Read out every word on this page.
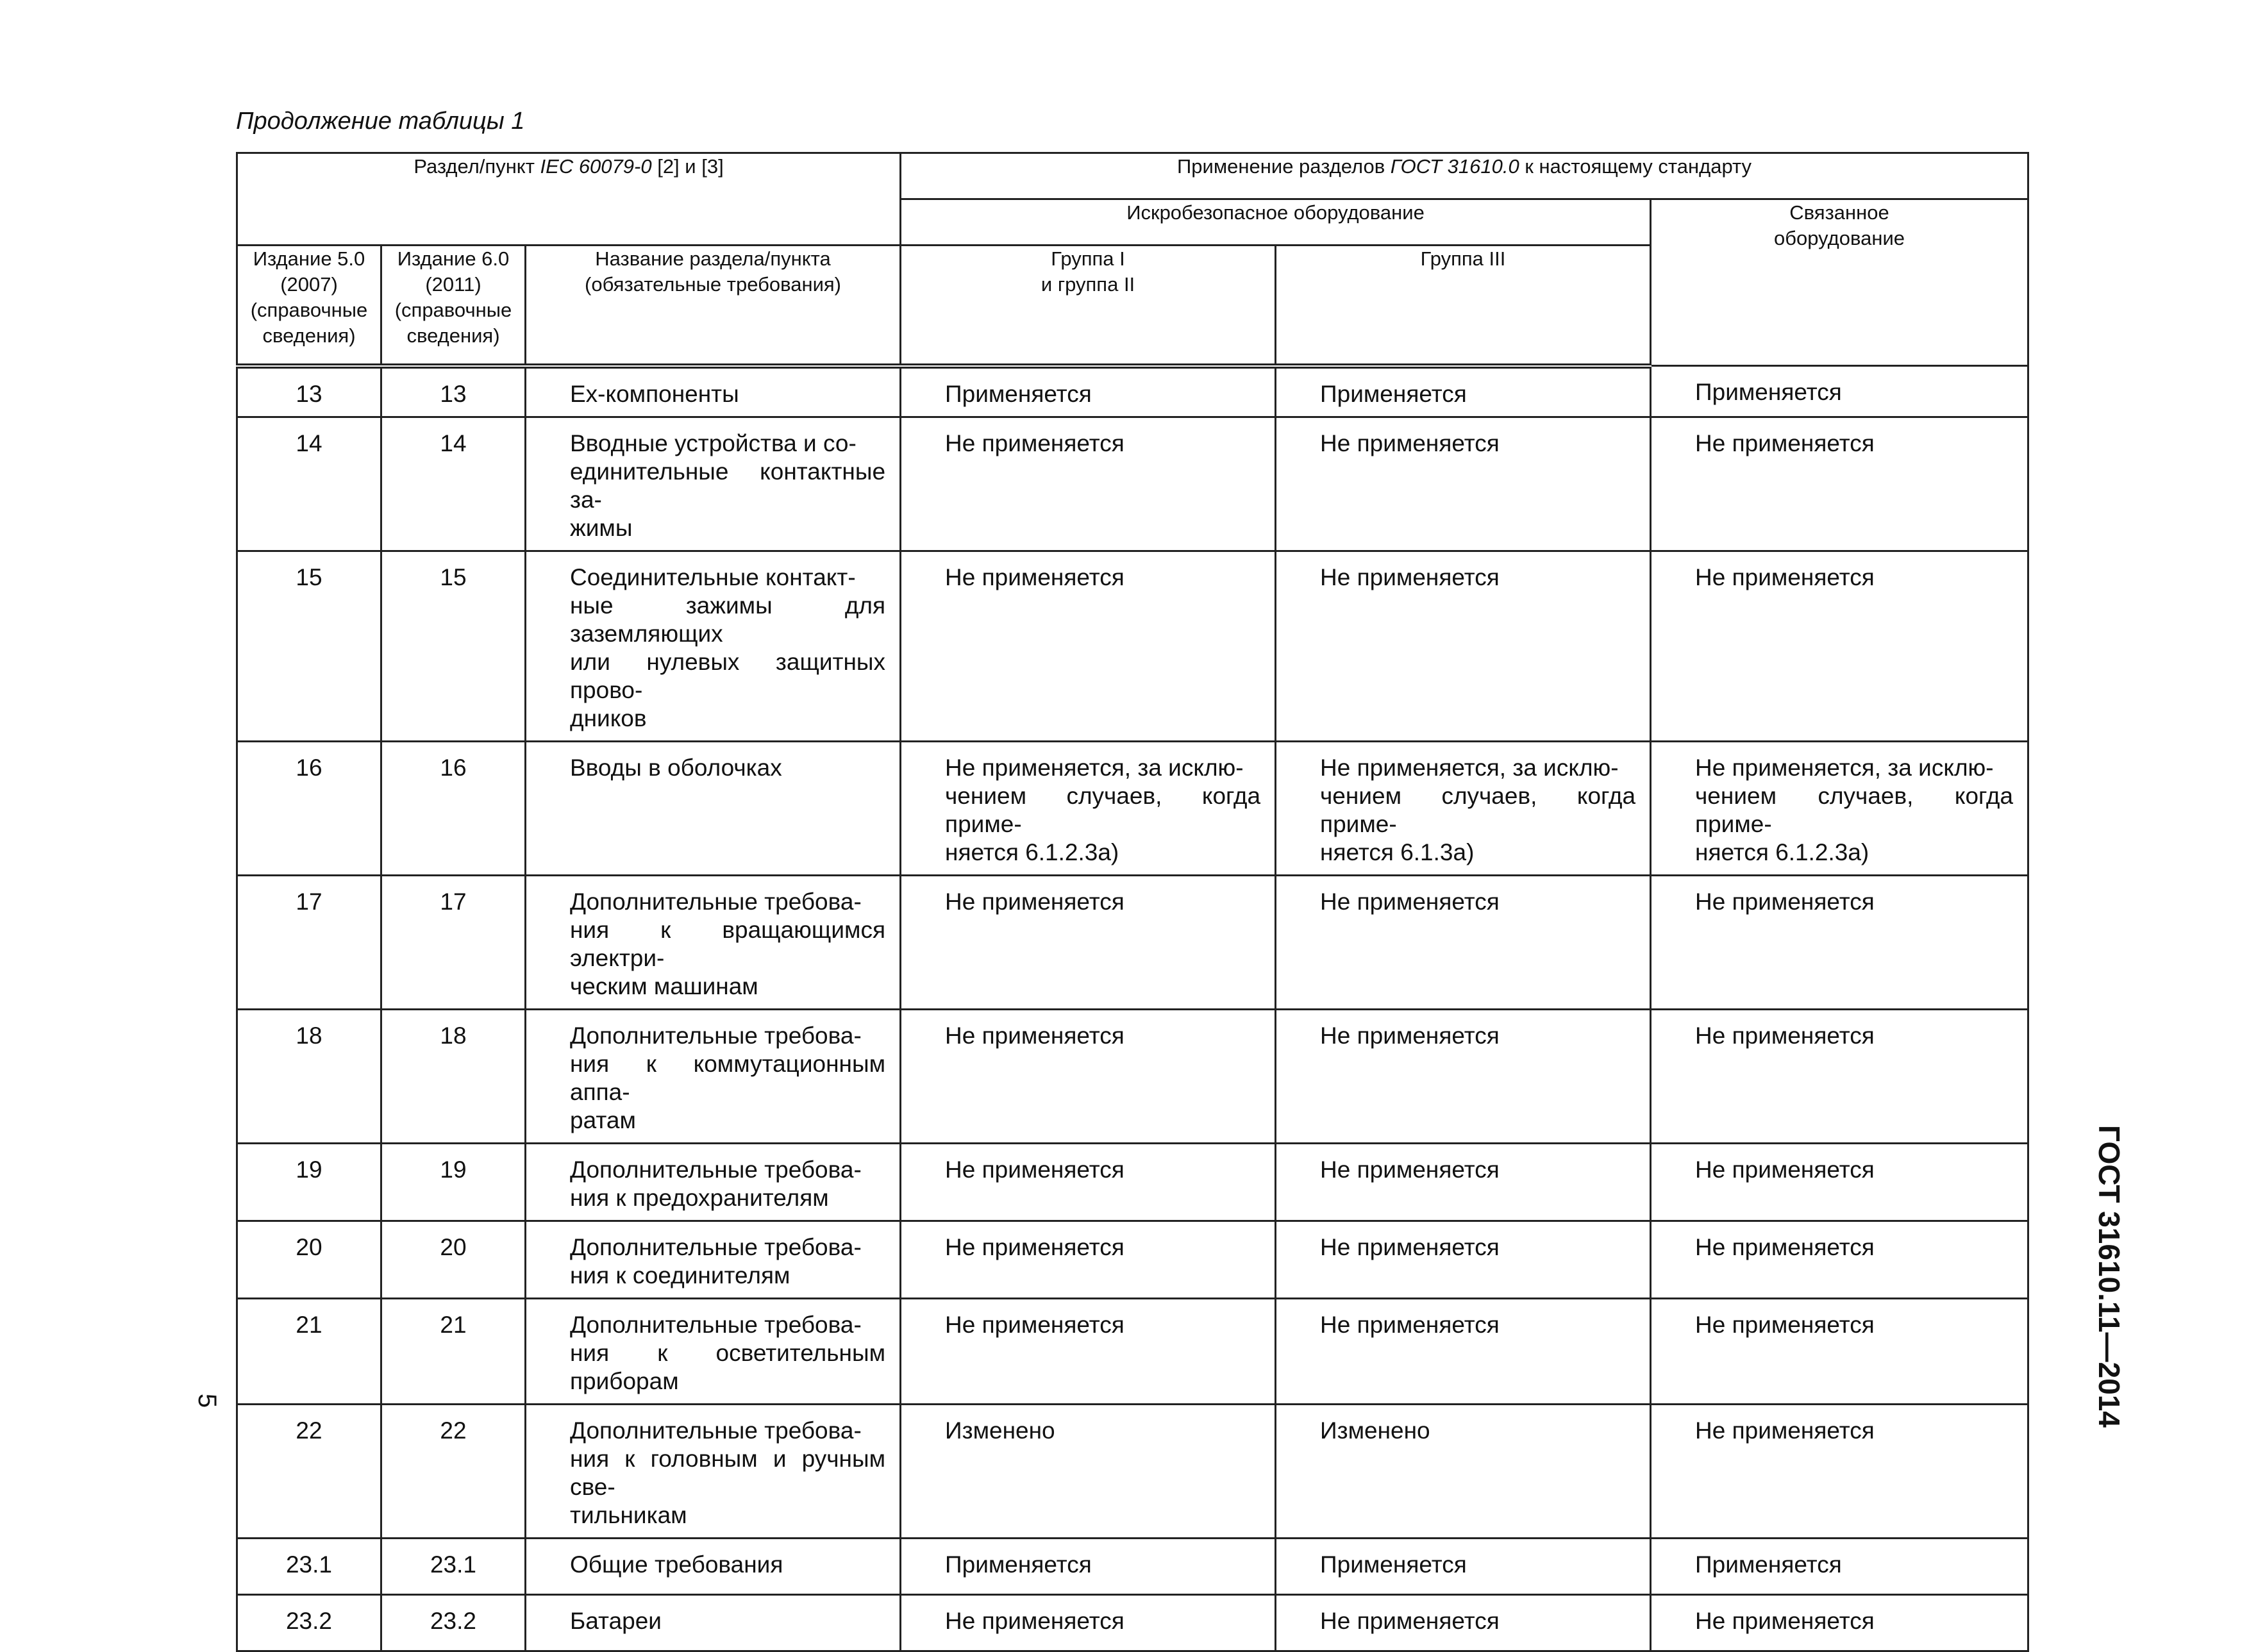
Продолжение таблицы 1
Раздел/пункт IEC 60079-0 [2] и [3]			Применение разделов ГОСТ 31610.0 к настоящему стандарту		
			Искробезопасное оборудование		Связанное
оборудование
Издание 5.0
(2007)
(справочные
сведения)	Издание 6.0
(2011)
(справочные
сведения)	Название раздела/пункта
(обязательные требования)	Группа I
и группа II	Группа III	
13	13	Ex-компоненты	Применяется	Применяется	Применяется
14	14	Вводные устройства и со-
единительные контактные за-
жимы	Не применяется	Не применяется	Не применяется
15	15	Соединительные контакт-
ные зажимы для заземляющих
или нулевых защитных прово-
дников	Не применяется	Не применяется	Не применяется
16	16	Вводы в оболочках	Не применяется, за исклю-
чением случаев, когда приме-
няется 6.1.2.3а)	Не применяется, за исклю-
чением случаев, когда приме-
няется 6.1.3а)	Не применяется, за исклю-
чением случаев, когда приме-
няется 6.1.2.3а)
17	17	Дополнительные требова-
ния к вращающимся электри-
ческим машинам	Не применяется	Не применяется	Не применяется
18	18	Дополнительные требова-
ния к коммутационным аппа-
ратам	Не применяется	Не применяется	Не применяется
19	19	Дополнительные требова-
ния к предохранителям	Не применяется	Не применяется	Не применяется
20	20	Дополнительные требова-
ния к соединителям	Не применяется	Не применяется	Не применяется
21	21	Дополнительные требова-
ния к осветительным приборам	Не применяется	Не применяется	Не применяется
22	22	Дополнительные требова-
ния к головным и ручным све-
тильникам	Изменено	Изменено	Не применяется
23.1	23.1	Общие требования	Применяется	Применяется	Применяется
23.2	23.2	Батареи	Не применяется	Не применяется	Не применяется
ГОСТ 31610.11—2014
5
